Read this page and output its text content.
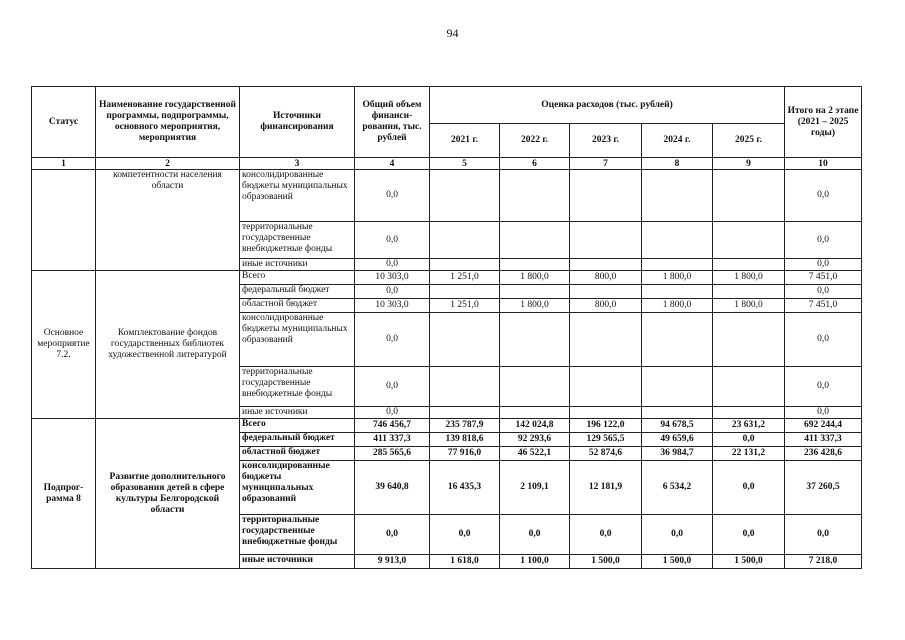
94
Статус	Наименование государственной программы, подпрограммы, основного мероприятия, мероприятия	Источники финансирования	Общий объем финанси-рования, тыс. рублей	Оценка расходов (тыс. рублей)					Итого на 2 этапе (2021 – 2025 годы)
				2021 г.	2022 г.	2023 г.	2024 г.	2025 г.	
1	2	3	4	5	6	7	8	9	10
	компетентности населения области	консолидированные бюджеты муниципальных образований	0,0						0,0
		территориальные государственные внебюджетные фонды	0,0						0,0
		иные источники	0,0						0,0
Основное мероприятие 7.2.	Комплектование фондов государственных библиотек художественной литературой	Всего	10 303,0	1 251,0	1 800,0	800,0	1 800,0	1 800,0	7 451,0
		федеральный бюджет	0,0						0,0
		областной бюджет	10 303,0	1 251,0	1 800,0	800,0	1 800,0	1 800,0	7 451,0
		консолидированные бюджеты муниципальных образований	0,0						0,0
		территориальные государственные внебюджетные фонды	0,0						0,0
		иные источники	0,0						0,0
Подпрог-рамма 8	Развитие дополнительного образования детей в сфере культуры Белгородской области	Всего	746 456,7	235 787,9	142 024,8	196 122,0	94 678,5	23 631,2	692 244,4
		федеральный бюджет	411 337,3	139 818,6	92 293,6	129 565,5	49 659,6	0,0	411 337,3
		областной бюджет	285 565,6	77 916,0	46 522,1	52 874,6	36 984,7	22 131,2	236 428,6
		консолидированные бюджеты муниципальных образований	39 640,8	16 435,3	2 109,1	12 181,9	6 534,2	0,0	37 260,5
		территориальные государственные внебюджетные фонды	0,0	0,0	0,0	0,0	0,0	0,0	0,0
		иные источники	9 913,0	1 618,0	1 100,0	1 500,0	1 500,0	1 500,0	7 218,0
